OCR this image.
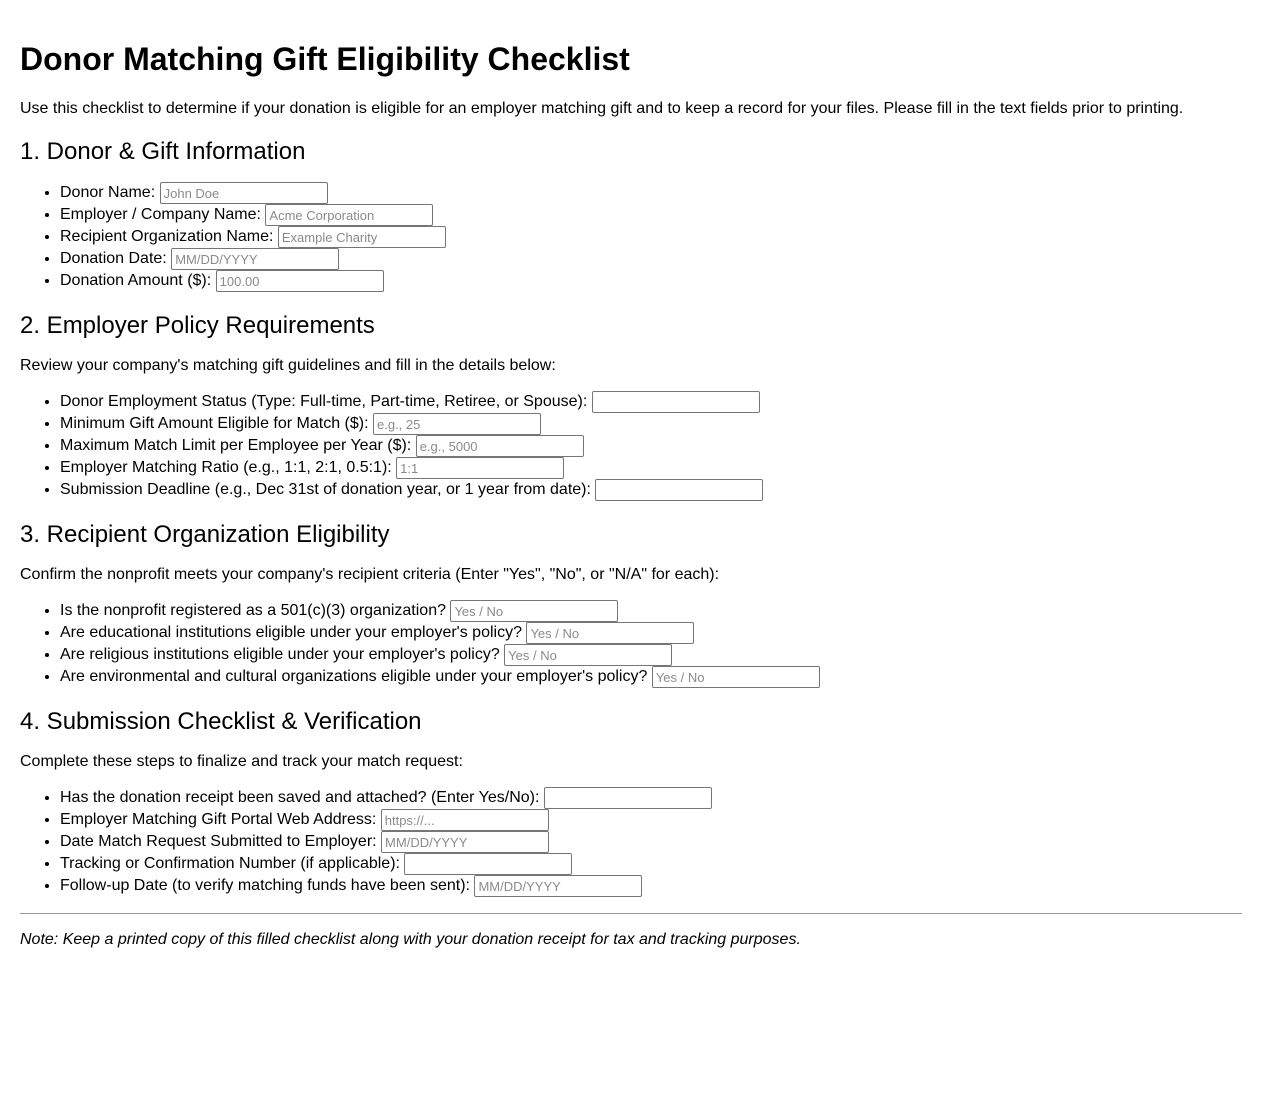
Donor Matching Gift Eligibility Checklist

Use this checklist to determine if your donation is eligible for an employer matching gift and to keep a record for your files. Please fill in the text fields prior to printing.

1. Donor & Gift Information
• Donor Name: John Doe
• Employer / Company Name: Acme Corporation
• Recipient Organization Name: Example Charity
• Donation Date: MM/DD/YYYY
• Donation Amount ($): 100.00
2. Employer Policy Requirements

Review your company's matching gift guidelines and fill in the details below:

• Donor Employment Status (Type: Full-time, Part-time, Retiree, or Spouse):
• Minimum Gift Amount Eligible for Match ($): e.g., 25
• Maximum Match Limit per Employee per Year ($): e.g., 5000
• Employer Matching Ratio (e.g., 1:1, 2:1, 0.5:1): 1:1
• Submission Deadline (e.g., Dec 31st of donation year, or 1 year from date):
3. Recipient Organization Eligibility

Confirm the nonprofit meets your company's recipient criteria (Enter "Yes", "No", or "N/A" for each):

• Is the nonprofit registered as a 501(c)(3) organization? Yes / No
• Are educational institutions eligible under your employer's policy? Yes / No
• Are religious institutions eligible under your employer's policy? Yes / No
• Are environmental and cultural organizations eligible under your employer's policy? Yes / No
4. Submission Checklist & Verification

Complete these steps to finalize and track your match request:

• Has the donation receipt been saved and attached? (Enter Yes/No):
• Employer Matching Gift Portal Web Address: https://...
• Date Match Request Submitted to Employer: MM/DD/YYYY
• Tracking or Confirmation Number (if applicable):
• Follow-up Date (to verify matching funds have been sent): MM/DD/YYYY

Note: Keep a printed copy of this filled checklist along with your donation receipt for tax and tracking purposes.
